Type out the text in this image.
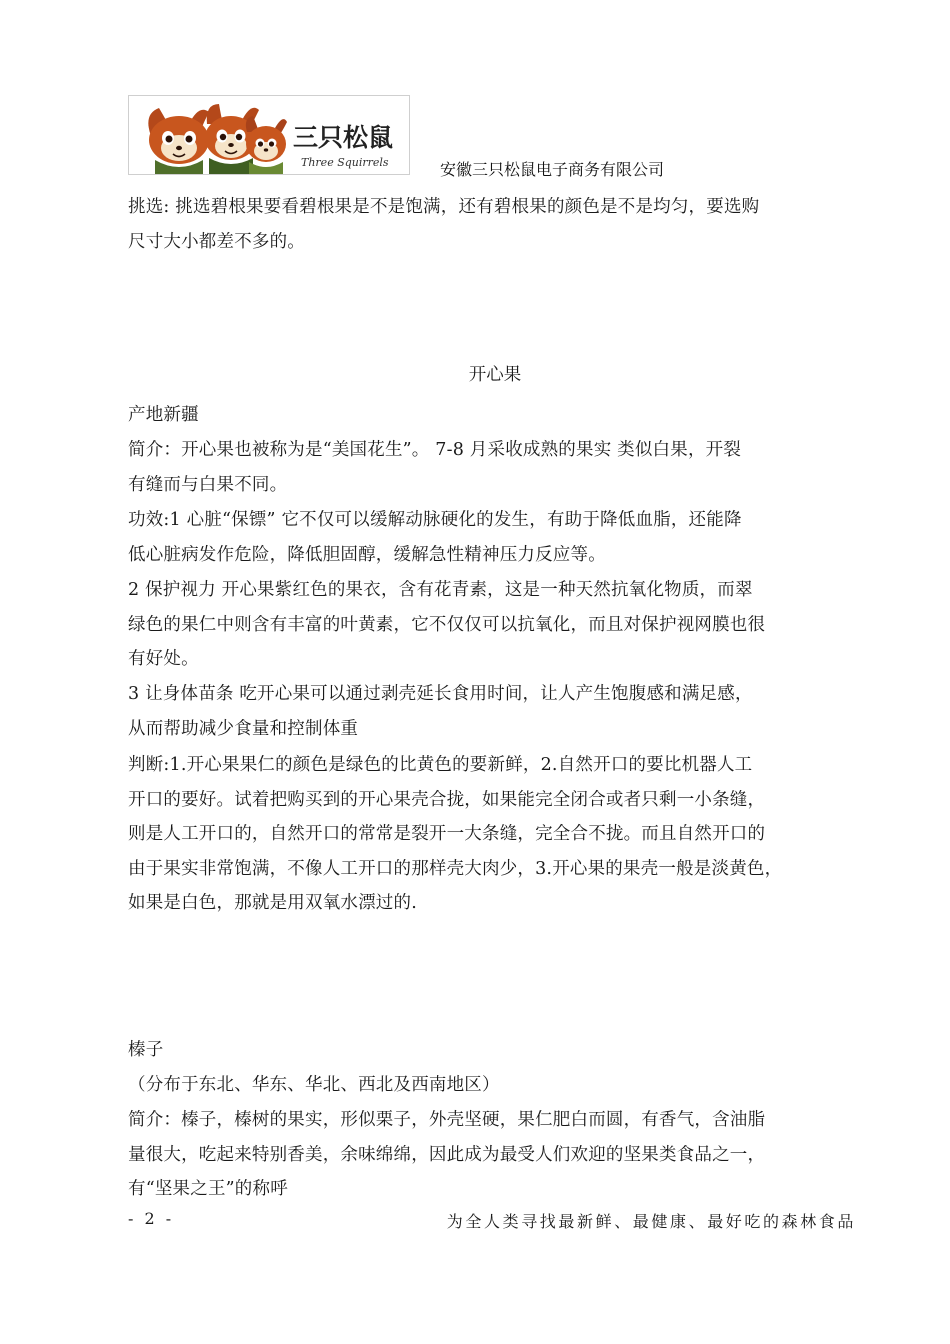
三只松鼠
Three Squirrels	安徽三只松鼠电子商务有限公司

挑选: 挑选碧根果要看碧根果是不是饱满，还有碧根果的颜色是不是均匀，要选购
尺寸大小都差不多的。

开心果

产地新疆

简介：开心果也被称为是“美国花生”。 7-8 月采收成熟的果实 类似白果，开裂
有缝而与白果不同。

功效:1 心脏“保镖” 它不仅可以缓解动脉硬化的发生，有助于降低血脂，还能降
低心脏病发作危险，降低胆固醇，缓解急性精神压力反应等。

2 保护视力 开心果紫红色的果衣，含有花青素，这是一种天然抗氧化物质，而翠
绿色的果仁中则含有丰富的叶黄素，它不仅仅可以抗氧化，而且对保护视网膜也很
有好处。

3 让身体苗条 吃开心果可以通过剥壳延长食用时间，让人产生饱腹感和满足感，
从而帮助减少食量和控制体重

判断:1.开心果果仁的颜色是绿色的比黄色的要新鲜，2.自然开口的要比机器人工
开口的要好。试着把购买到的开心果壳合拢，如果能完全闭合或者只剩一小条缝，
则是人工开口的，自然开口的常常是裂开一大条缝，完全合不拢。而且自然开口的
由于果实非常饱满，不像人工开口的那样壳大肉少，3.开心果的果壳一般是淡黄色，
如果是白色，那就是用双氧水漂过的.

榛子

（分布于东北、华东、华北、西北及西南地区）

简介：榛子，榛树的果实，形似栗子，外壳坚硬，果仁肥白而圆，有香气，含油脂
量很大，吃起来特别香美，余味绵绵，因此成为最受人们欢迎的坚果类食品之一，
有“坚果之王”的称呼

- 2 -	为全人类寻找最新鲜、最健康、最好吃的森林食品
